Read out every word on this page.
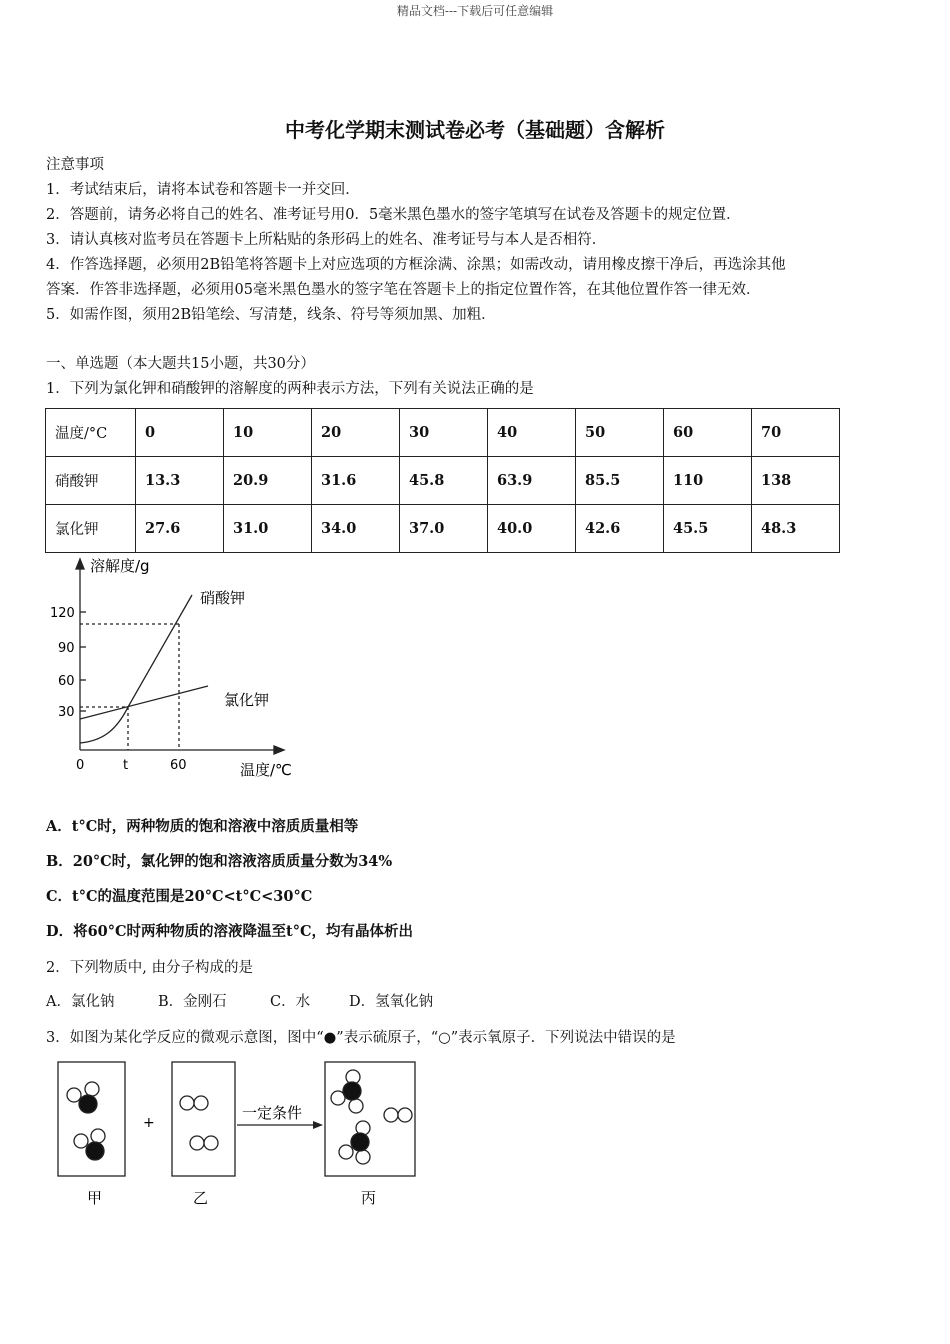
精品文档---下载后可任意编辑
中考化学期末测试卷必考（基础题）含解析
注意事项
1．考试结束后，请将本试卷和答题卡一并交回．
2．答题前，请务必将自己的姓名、准考证号用0．5毫米黑色墨水的签字笔填写在试卷及答题卡的规定位置．
3．请认真核对监考员在答题卡上所粘贴的条形码上的姓名、准考证号与本人是否相符．
4．作答选择题，必须用2B铅笔将答题卡上对应选项的方框涂满、涂黑；如需改动，请用橡皮擦干净后，再选涂其他
答案．作答非选择题，必须用05毫米黑色墨水的签字笔在答题卡上的指定位置作答，在其他位置作答一律无效．
5．如需作图，须用2B铅笔绘、写清楚，线条、符号等须加黑、加粗．
一、单选题（本大题共15小题，共30分）
1．下列为氯化钾和硝酸钾的溶解度的两种表示方法，下列有关说法正确的是
温度/°C	0	10	20	30	40	50	60	70
硝酸钾	13.3	20.9	31.6	45.8	63.9	85.5	110	138
氯化钾	27.6	31.0	34.0	37.0	40.0	42.6	45.5	48.3
溶解度/g
120
90
60
30
0	t	60	温度/℃
硝酸钾
氯化钾
A．t°C时，两种物质的饱和溶液中溶质质量相等
B．20°C时，氯化钾的饱和溶液溶质质量分数为34%
C．t°C的温度范围是20°C<t°C<30°C
D．将60°C时两种物质的溶液降温至t°C，均有晶体析出
2．下列物质中, 由分子构成的是
A．氯化钠	B．金刚石	C．水	D．氢氧化钠
3．如图为某化学反应的微观示意图，图中“●”表示硫原子，“○”表示氧原子．下列说法中错误的是
+
一定条件
甲	乙	丙
